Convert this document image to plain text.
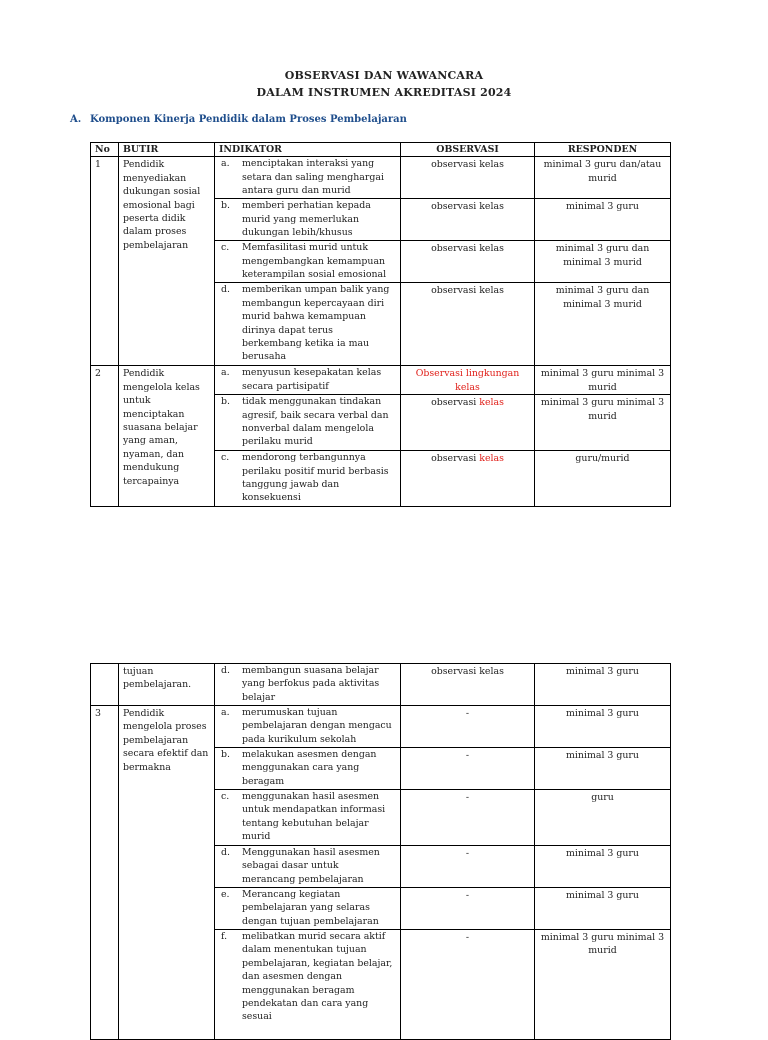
OBSERVASI DAN WAWANCARA
DALAM INSTRUMEN AKREDITASI 2024
A. Komponen Kinerja Pendidik dalam Proses Pembelajaran
No	BUTIR	INDIKATOR	OBSERVASI	RESPONDEN
1	Pendidik menyediakan dukungan sosial emosional bagi peserta didik dalam proses pembelajaran	a. menciptakan interaksi yang setara dan saling menghargai antara guru dan murid	observasi kelas	minimal 3 guru dan/atau murid

		b. memberi perhatian kepada murid yang memerlukan dukungan lebih/khusus	observasi kelas	minimal 3 guru

		c. Memfasilitasi murid untuk mengembangkan kemampuan keterampilan sosial emosional	observasi kelas	minimal 3 guru dan minimal 3 murid

		d. memberikan umpan balik yang membangun kepercayaan diri murid bahwa kemampuan dirinya dapat terus berkembang ketika ia mau berusaha	observasi kelas	minimal 3 guru dan minimal 3 murid
2	Pendidik mengelola kelas untuk menciptakan suasana belajar yang aman, nyaman, dan mendukung tercapainya	a. menyusun kesepakatan kelas secara partisipatif	Observasi lingkungan kelas	minimal 3 guru minimal 3 murid

		b. tidak menggunakan tindakan agresif, baik secara verbal dan nonverbal dalam mengelola perilaku murid	observasi kelas	minimal 3 guru minimal 3 murid

		c. mendorong terbangunnya perilaku positif murid berbasis tanggung jawab dan konsekuensi	observasi kelas	guru/murid
	tujuan pembelajaran.	d. membangun suasana belajar yang berfokus pada aktivitas belajar	observasi kelas	minimal 3 guru
3	Pendidik mengelola proses pembelajaran secara efektif dan bermakna	a. merumuskan tujuan pembelajaran dengan mengacu pada kurikulum sekolah	-	minimal 3 guru

		b. melakukan asesmen dengan menggunakan cara yang beragam	-	minimal 3 guru

		c. menggunakan hasil asesmen untuk mendapatkan informasi tentang kebutuhan belajar murid	-	guru

		d. Menggunakan hasil asesmen sebagai dasar untuk merancang pembelajaran	-	minimal 3 guru

		e. Merancang kegiatan pembelajaran yang selaras dengan tujuan pembelajaran	-	minimal 3 guru

		f. melibatkan murid secara aktif dalam menentukan tujuan pembelajaran, kegiatan belajar, dan asesmen dengan menggunakan beragam pendekatan dan cara yang sesuai	-	minimal 3 guru minimal 3 murid
